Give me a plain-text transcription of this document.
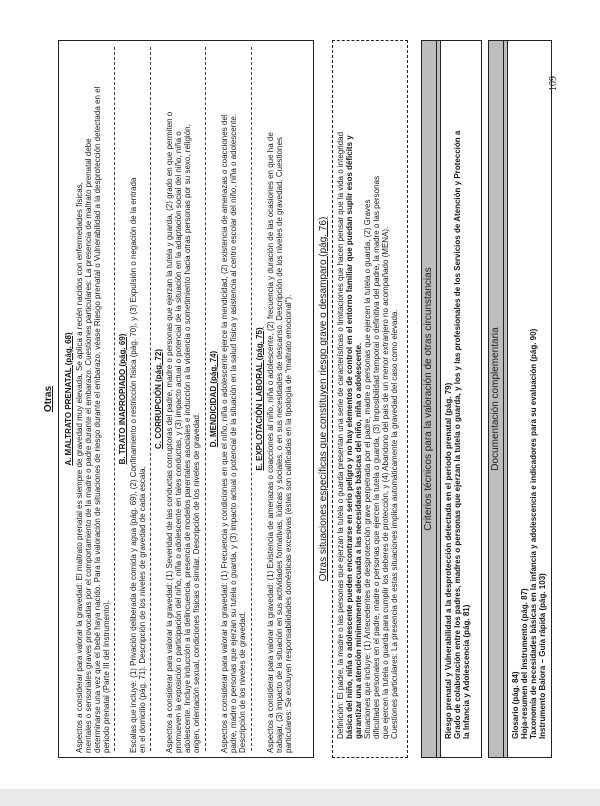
109
Otras A. MALTRATO PRENATAL (pág. 68) Aspectos a considerar para valorar la gravedad: El maltrato prenatal es siempre de gravedad muy elevada. Se aplica a recién nacidos con enfermedades físicas, mentales o sensoriales graves provocadas por el comportamiento de la madre o padre durante el embarazo. Cuestiones particulares: La presencia de maltrato prenatal debe determinarse una vez que el bebé haya nacido. Para la valoración de situaciones de riesgo durante el embarazo, véase Riesgo prenatal o Vulnerabilidad a la desprotección detectada en el periodo prenatal (Parte III del Instrumento).
B. TRATO INAPROPIADO (pág. 69) Escalas que incluye: (1) Privación deliberada de comida y agua (pág. 69), (2) Confinamiento o restricción física (pág. 70), y (3) Expulsión o negación de la entrada en el domicilio (pág. 71). Descripción de los niveles de gravedad de cada escala.
C. CORRUPCIÓN (pág. 72) Aspectos a considerar para valorar la gravedad: (1) Severidad de las conductas corruptoras del padre, madre o personas que ejerzan la tutela y guarda, (2) grado en que permiten o promueven la exposición o participación del niño, niña o adolescente en tales conductas, y (3) impacto actual o potencial de la situación en la adaptación social del niño, niña o adolescente. Incluye inducción a la delincuencia, presencia de modelos parentales asociales e inducción a la violencia o sometimiento hacia otras personas por su sexo, religión, origen, orientación sexual, condiciones físicas o similar. Descripción de los niveles de gravedad.
D. MENDICIDAD (pág. 74) Aspectos a considerar para valorar la gravedad: (1) Frecuencia y condiciones en que el niño, niña o adolescente ejerce la mendicidad, (2) existencia de amenazas o coacciones del padre, madre o personas que ejerzan su tutela o guarda, y (3) impacto actual o potencial de la situación en la salud física y asistencia al centro escolar del niño, niña o adolescente. Descripción de los niveles de gravedad.
E. EXPLOTACIÓN LABORAL (pág. 75) Aspectos a considerar para valorar la gravedad: (1) Existencia de amenazas o coacciones al niño, niña o adolescente, (2) frecuencia y duración de las ocasiones en que ha de trabajar, (3) impacto de la situación en sus actividades formativas, lúdicas y sociales, o en sus necesidades de descanso. Descripción de los niveles de gravedad. Cuestiones particulares: Se excluyen responsabilidades domésticas excesivas (éstas son calificadas en la tipología de "maltrato emocional").	Otras situaciones específicas que constituyen riesgo grave o desamparo (pág. 76) • Definición: El padre, la madre o las personas que ejerzan la tutela o guarda presentan una serie de características o limitaciones que hacen pensar que la vida o integridad básica del niño, niña o adolescente pueden encontrarse en serio peligro y no hay elementos de control en el entorno familiar que puedan suplir esos déficits y garantizar una atención mínimamente adecuada a las necesidades básicas del niño, niña o adolescente. • Situaciones que incluye: (1) Antecedentes de desprotección grave perpetrada por el padre, madre o personas que ejercen la tutela o guarda, (2) Graves dificultades personales en el padre, madre o personas que ejercen la tutela o guarda, (3) Imposibilidad temporal o definitiva del padre, la madre o las personas que ejercen la tutela o guarda para cumplir los deberes de protección, y (4) Abandono del país de un menor extranjero no acompañado (MENA). • Cuestiones particulares: La presencia de estas situaciones implica automáticamente la gravedad del caso como elevada. Criterios técnicos para la valoración de otras circunstancias • Riesgo prenatal y Vulnerabilidad a la desprotección detectada en el periodo prenatal (pág. 79) • Grado de colaboración entre los padres, madres o personas que ejerzan la tutela o guarda, y los y las profesionales de los Servicios de Atención y Protección a la Infancia y Adolescencia (pág. 81)
Documentación complementaria
• Glosario (pág. 84) • Hoja-resumen del Instrumento (pág. 87) • Taxonomía de necesidades básicas en la infancia y adolescencia e indicadores para su evaluación (pág. 90) • Instrumento Balora – Guía rápida (pág. 103)
